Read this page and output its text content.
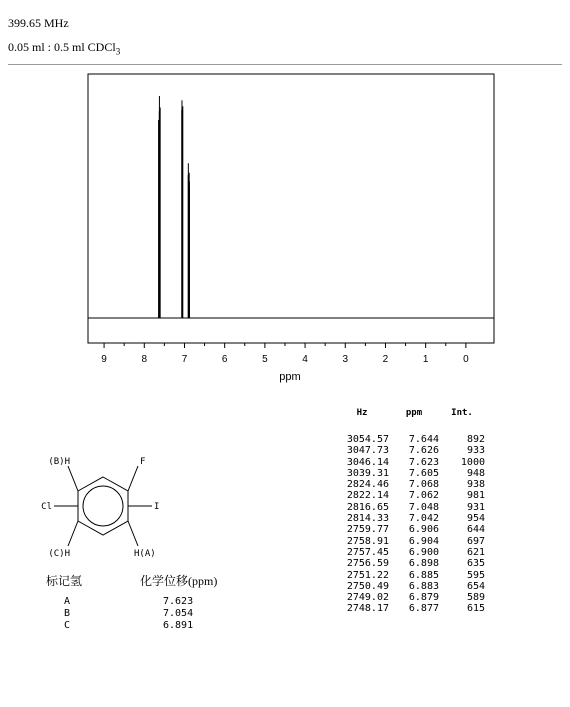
399.65 MHz
0.05 ml : 0.5 ml CDCl$_3$
9	8	7	6	5	4	3	2	1	0
ppm
Hz	ppm	Int.
3054.57	7.644	892
3047.73	7.626	933
3046.14	7.623	1000
3039.31	7.605	948
2824.46	7.068	938
2822.14	7.062	981
2816.65	7.048	931
2814.33	7.042	954
2759.77	6.906	644
2758.91	6.904	697
2757.45	6.900	621
2756.59	6.898	635
2751.22	6.885	595
2750.49	6.883	654
2749.02	6.879	589
2748.17	6.877	615
(B)H	F
Cl	I
(C)H	H(A)
标记氢	化学位移(ppm)
A	7.623
B	7.054
C	6.891
